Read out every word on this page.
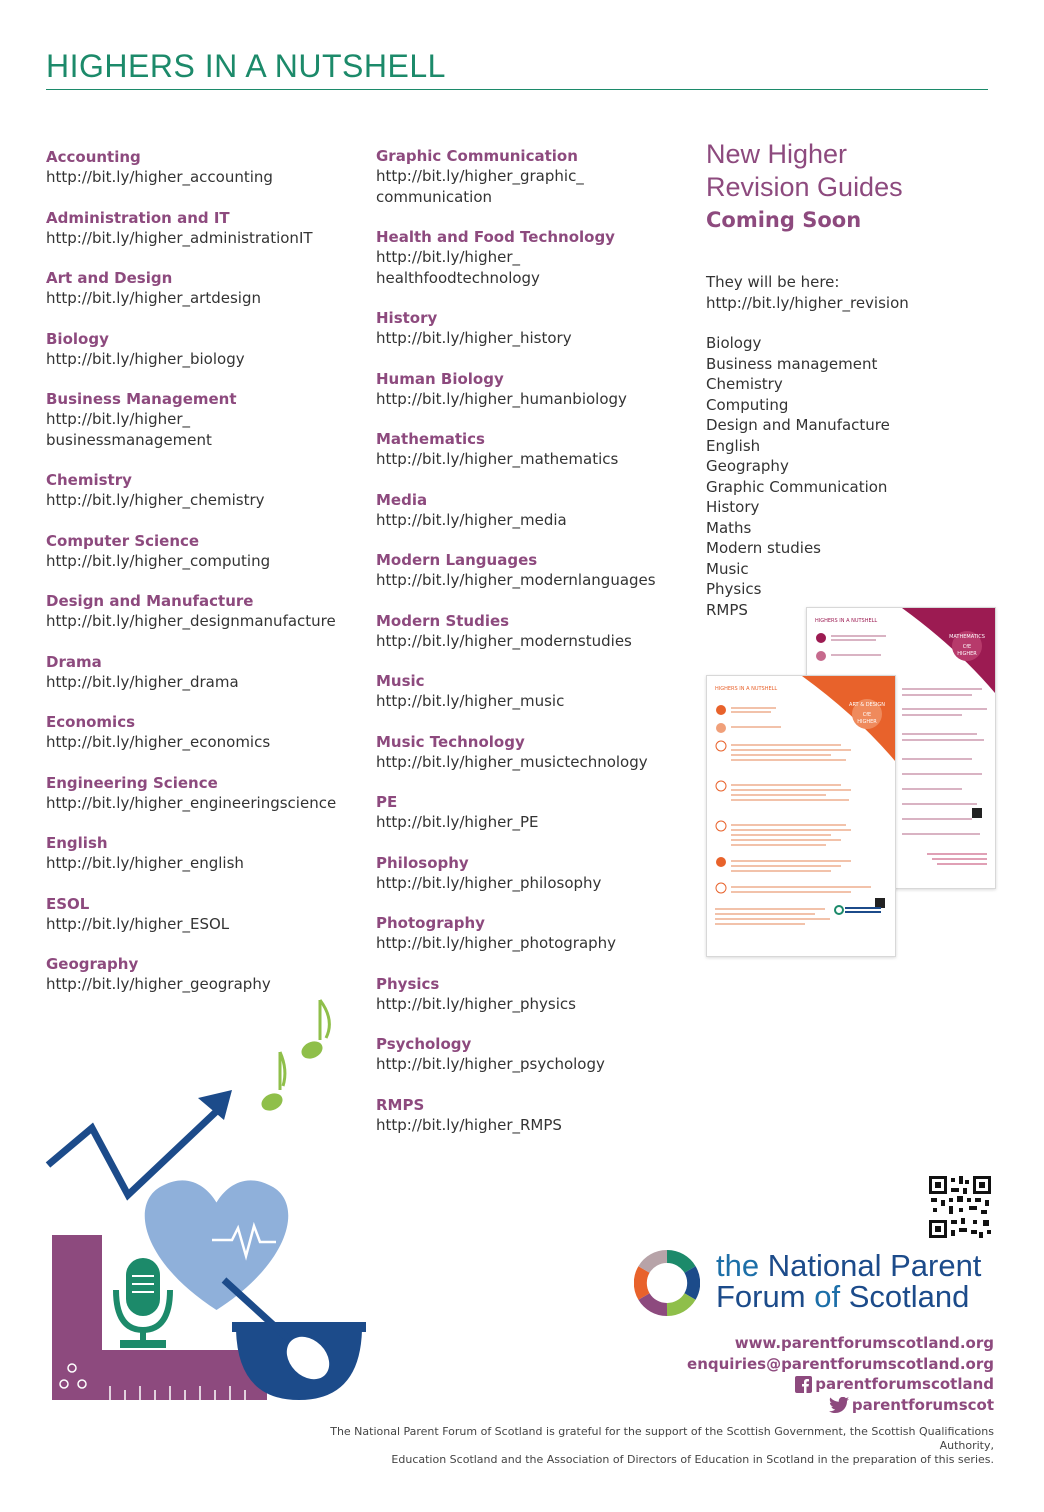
HIGHERS IN A NUTSHELL
Accounting
http://bit.ly/higher_accounting
Administration and IT
http://bit.ly/higher_administrationIT
Art and Design
http://bit.ly/higher_artdesign
Biology
http://bit.ly/higher_biology
Business Management
http://bit.ly/higher_
businessmanagement
Chemistry
http://bit.ly/higher_chemistry
Computer Science
http://bit.ly/higher_computing
Design and Manufacture
http://bit.ly/higher_designmanufacture
Drama
http://bit.ly/higher_drama
Economics
http://bit.ly/higher_economics
Engineering Science
http://bit.ly/higher_engineeringscience
English
http://bit.ly/higher_english
ESOL
http://bit.ly/higher_ESOL
Geography
http://bit.ly/higher_geography
Graphic Communication
http://bit.ly/higher_graphic_
communication
Health and Food Technology
http://bit.ly/higher_
healthfoodtechnology
History
http://bit.ly/higher_history
Human Biology
http://bit.ly/higher_humanbiology
Mathematics
http://bit.ly/higher_mathematics
Media
http://bit.ly/higher_media
Modern Languages
http://bit.ly/higher_modernlanguages
Modern Studies
http://bit.ly/higher_modernstudies
Music
http://bit.ly/higher_music
Music Technology
http://bit.ly/higher_musictechnology
PE
http://bit.ly/higher_PE
Philosophy
http://bit.ly/higher_philosophy
Photography
http://bit.ly/higher_photography
Physics
http://bit.ly/higher_physics
Psychology
http://bit.ly/higher_psychology
RMPS
http://bit.ly/higher_RMPS
New Higher
Revision Guides
Coming Soon
They will be here:
http://bit.ly/higher_revision
Biology
Business management
Chemistry
Computing
Design and Manufacture
English
Geography
Graphic Communication
History
Maths
Modern studies
Music
Physics
RMPS
MATHEMATICS
CfE
HIGHER
HIGHERS IN A NUTSHELL
ART & DESIGN
CfE
HIGHER
HIGHERS IN A NUTSHELL
the National Parent
Forum of Scotland
www.parentforumscotland.org
enquiries@parentforumscotland.org
parentforumscotland
parentforumscot
The National Parent Forum of Scotland is grateful for the support of the Scottish Government, the Scottish Qualifications Authority,
Education Scotland and the Association of Directors of Education in Scotland in the preparation of this series.
